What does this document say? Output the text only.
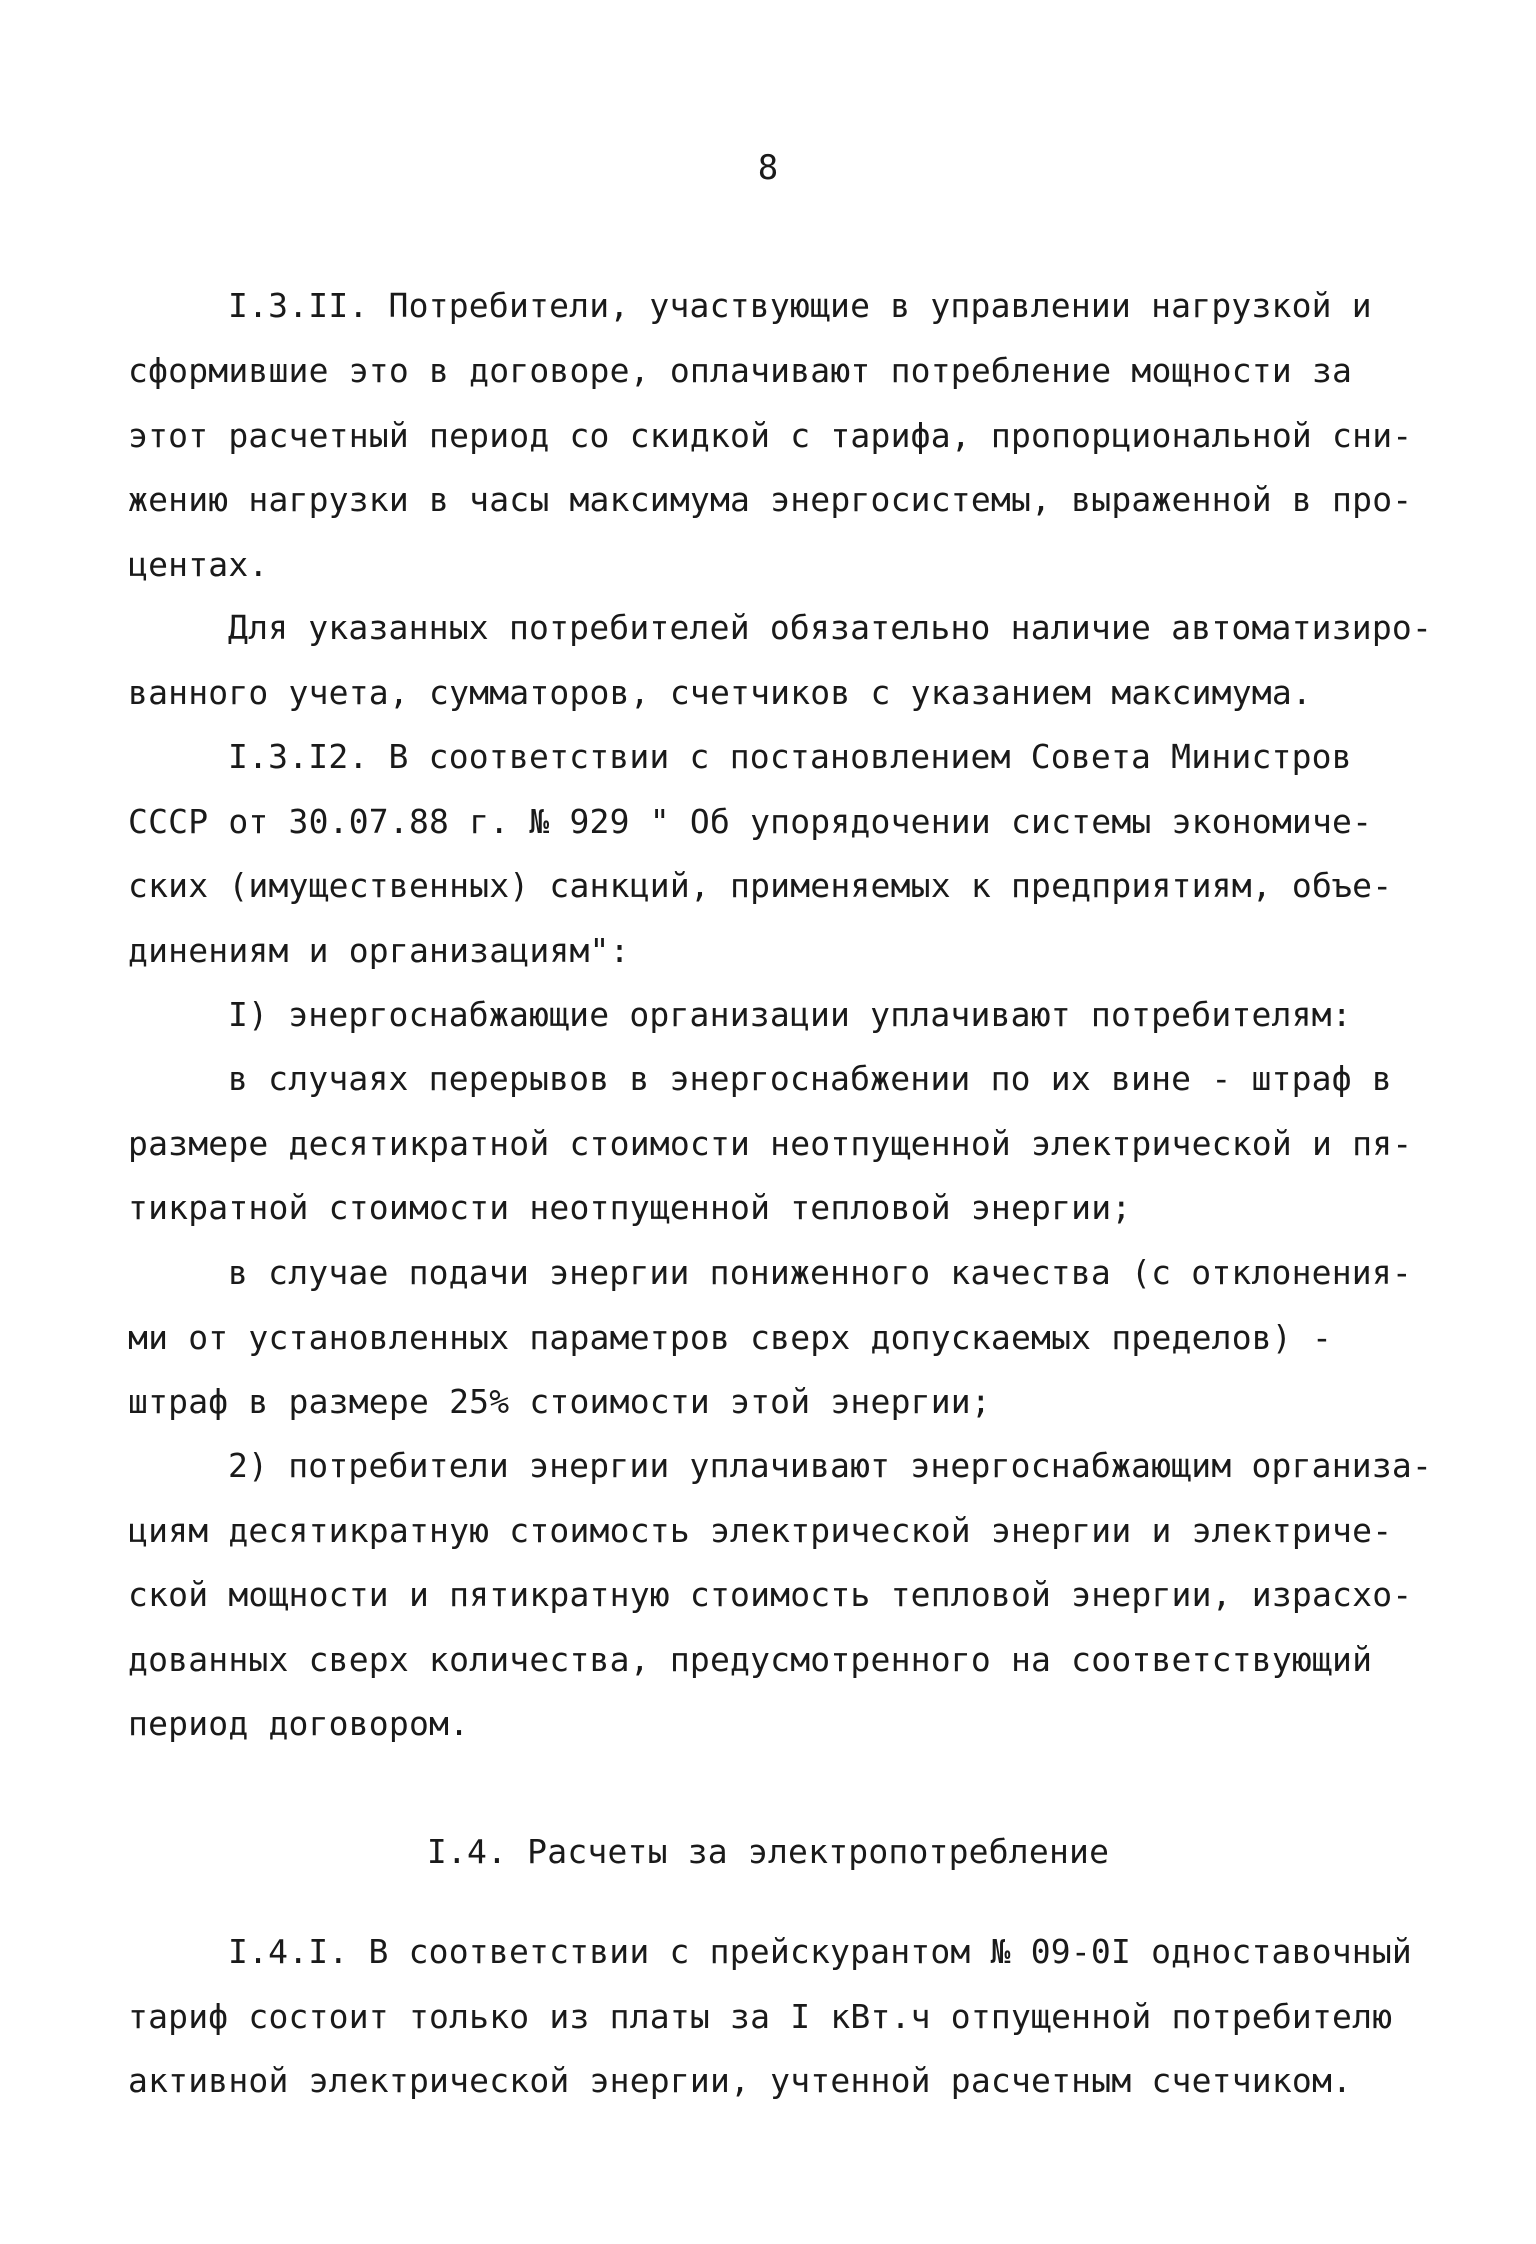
8
I.3.II. Потребители, участвующие в управлении нагрузкой и
сформившие это в договоре, оплачивают потребление мощности за
этот расчетный период со скидкой с тарифа, пропорциональной сни-
жению нагрузки в часы максимума энергосистемы, выраженной в про-
центах.
Для указанных потребителей обязательно наличие автоматизиро-
ванного учета, сумматоров, счетчиков с указанием максимума.
I.3.I2. В соответствии с постановлением Совета Министров
СССР от 30.07.88 г. № 929 " Об упорядочении системы экономиче-
ских (имущественных) санкций, применяемых к предприятиям, объе-
динениям и организациям":
I) энергоснабжающие организации уплачивают потребителям:
в случаях перерывов в энергоснабжении по их вине - штраф в
размере десятикратной стоимости неотпущенной электрической и пя-
тикратной стоимости неотпущенной тепловой энергии;
в случае подачи энергии пониженного качества (с отклонения-
ми от установленных параметров сверх допускаемых пределов) -
штраф в размере 25% стоимости этой энергии;
2) потребители энергии уплачивают энергоснабжающим организа-
циям десятикратную стоимость электрической энергии и электриче-
ской мощности и пятикратную стоимость тепловой энергии, израсхо-
дованных сверх количества, предусмотренного на соответствующий
период договором.
I.4. Расчеты за электропотребление
I.4.I. В соответствии с прейскурантом № 09-0I одноставочный
тариф состоит только из платы за I кВт.ч отпущенной потребителю
активной электрической энергии, учтенной расчетным счетчиком.
